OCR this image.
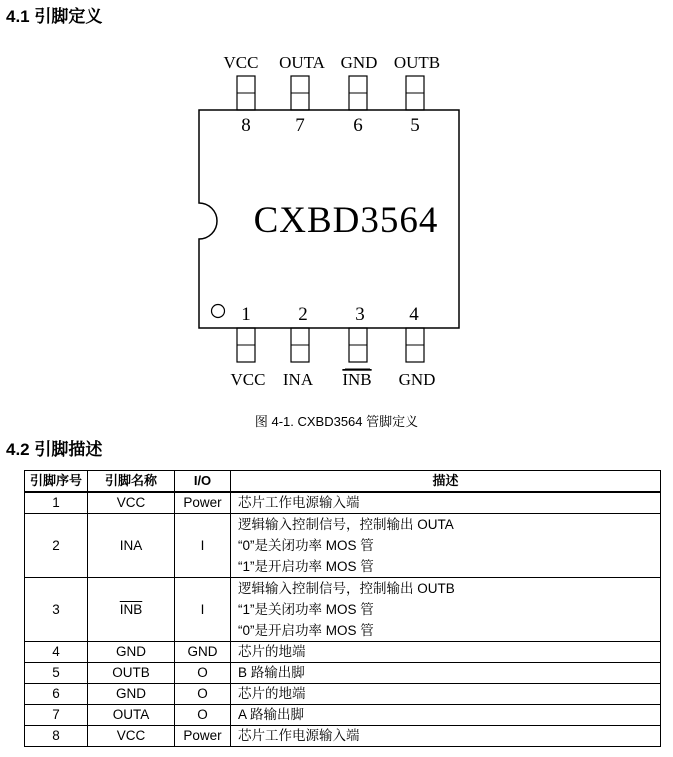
4.1 引脚定义
CXBD3564
VCC
8
OUTA
7
GND
6
OUTB
5
1
VCC
2
INA
3
INB
4
GND
图 4-1. CXBD3564 管脚定义
4.2 引脚描述
引脚序号	引脚名称	I/O	描述
1	VCC	Power	芯片工作电源输入端
2	INA	I	逻辑输入控制信号，控制输出 OUTA
“0”是关闭功率 MOS 管
“1”是开启功率 MOS 管

3	$\overline{INB}$	I	逻辑输入控制信号，控制输出 OUTB
“1”是关闭功率 MOS 管
“0”是开启功率 MOS 管

4	GND	GND	芯片的地端
5	OUTB	O	B 路输出脚
6	GND	O	芯片的地端
7	OUTA	O	A 路输出脚
8	VCC	Power	芯片工作电源输入端
